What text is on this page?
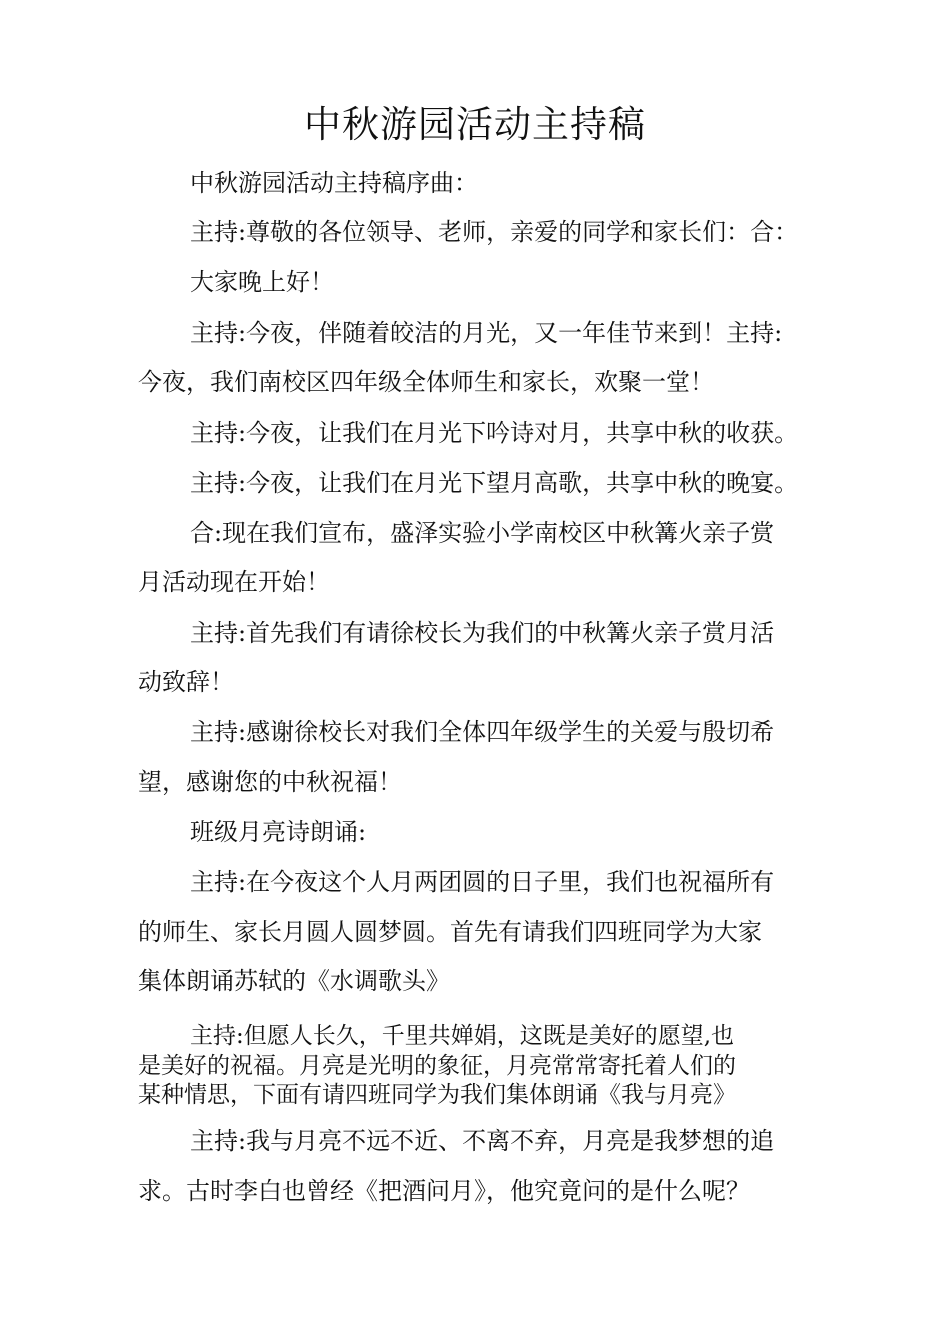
中秋游园活动主持稿
中秋游园活动主持稿序曲：
主持:尊敬的各位领导、老师，亲爱的同学和家长们：合：
大家晚上好！
主持:今夜，伴随着皎洁的月光，又一年佳节来到！主持:
今夜，我们南校区四年级全体师生和家长，欢聚一堂！
主持:今夜，让我们在月光下吟诗对月，共享中秋的收获。
主持:今夜，让我们在月光下望月高歌，共享中秋的晚宴。
合:现在我们宣布，盛泽实验小学南校区中秋篝火亲子赏
月活动现在开始！
主持:首先我们有请徐校长为我们的中秋篝火亲子赏月活
动致辞！
主持:感谢徐校长对我们全体四年级学生的关爱与殷切希
望，感谢您的中秋祝福！
班级月亮诗朗诵:
主持:在今夜这个人月两团圆的日子里，我们也祝福所有
的师生、家长月圆人圆梦圆。首先有请我们四班同学为大家
集体朗诵苏轼的《水调歌头》
主持:但愿人长久，千里共婵娟，这既是美好的愿望,也
是美好的祝福。月亮是光明的象征，月亮常常寄托着人们的
某种情思，下面有请四班同学为我们集体朗诵《我与月亮》
主持:我与月亮不远不近、不离不弃，月亮是我梦想的追
求。古时李白也曾经《把酒问月》，他究竟问的是什么呢？
